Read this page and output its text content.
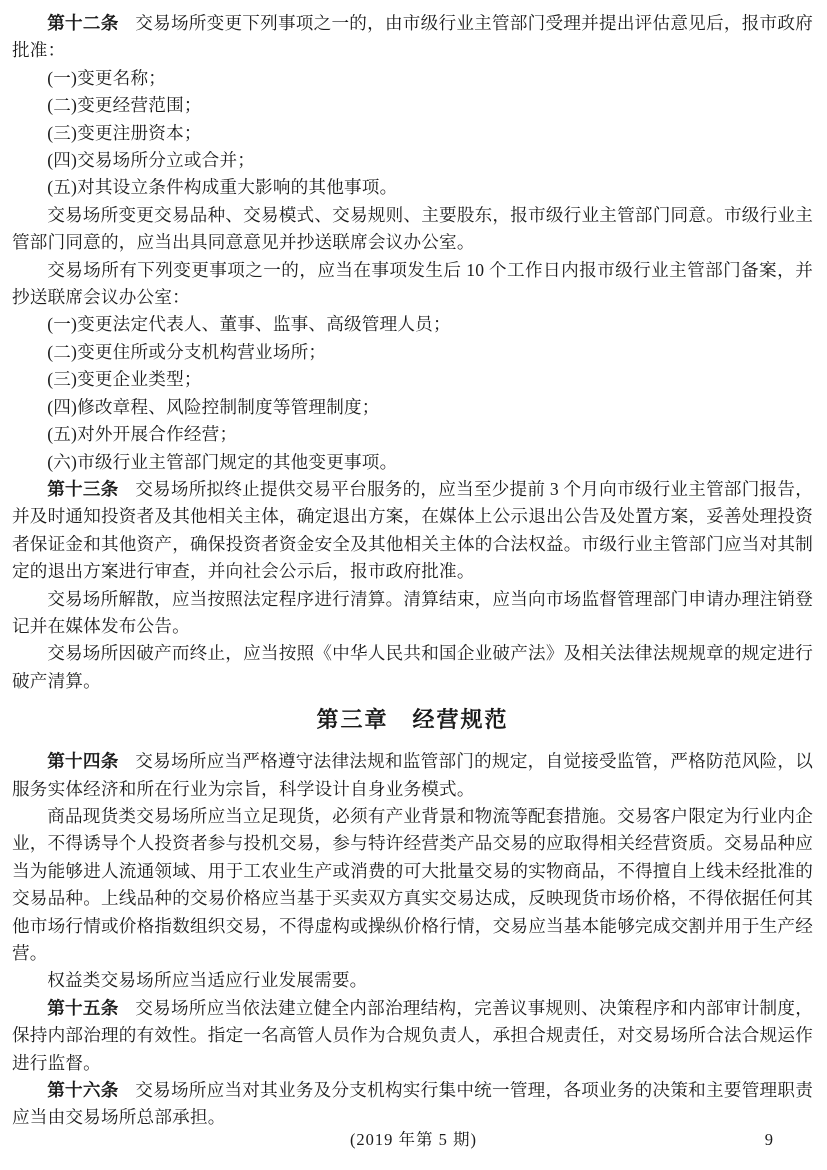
第十二条 交易场所变更下列事项之一的，由市级行业主管部门受理并提出评估意见后，报市政府批准：

(一)变更名称；

(二)变更经营范围；

(三)变更注册资本；

(四)交易场所分立或合并；

(五)对其设立条件构成重大影响的其他事项。

交易场所变更交易品种、交易模式、交易规则、主要股东，报市级行业主管部门同意。市级行业主管部门同意的，应当出具同意意见并抄送联席会议办公室。

交易场所有下列变更事项之一的，应当在事项发生后 10 个工作日内报市级行业主管部门备案，并抄送联席会议办公室：

(一)变更法定代表人、董事、监事、高级管理人员；

(二)变更住所或分支机构营业场所；

(三)变更企业类型；

(四)修改章程、风险控制制度等管理制度；

(五)对外开展合作经营；

(六)市级行业主管部门规定的其他变更事项。

第十三条 交易场所拟终止提供交易平台服务的，应当至少提前 3 个月向市级行业主管部门报告，并及时通知投资者及其他相关主体，确定退出方案，在媒体上公示退出公告及处置方案，妥善处理投资者保证金和其他资产，确保投资者资金安全及其他相关主体的合法权益。市级行业主管部门应当对其制定的退出方案进行审查，并向社会公示后，报市政府批准。

交易场所解散，应当按照法定程序进行清算。清算结束，应当向市场监督管理部门申请办理注销登记并在媒体发布公告。

交易场所因破产而终止，应当按照《中华人民共和国企业破产法》及相关法律法规规章的规定进行破产清算。

第三章　经营规范

第十四条 交易场所应当严格遵守法律法规和监管部门的规定，自觉接受监管，严格防范风险，以服务实体经济和所在行业为宗旨，科学设计自身业务模式。

商品现货类交易场所应当立足现货，必须有产业背景和物流等配套措施。交易客户限定为行业内企业，不得诱导个人投资者参与投机交易，参与特许经营类产品交易的应取得相关经营资质。交易品种应当为能够进人流通领域、用于工农业生产或消费的可大批量交易的实物商品，不得擅自上线未经批准的交易品种。上线品种的交易价格应当基于买卖双方真实交易达成，反映现货市场价格，不得依据任何其他市场行情或价格指数组织交易，不得虚构或操纵价格行情，交易应当基本能够完成交割并用于生产经营。

权益类交易场所应当适应行业发展需要。

第十五条 交易场所应当依法建立健全内部治理结构，完善议事规则、决策程序和内部审计制度，保持内部治理的有效性。指定一名高管人员作为合规负责人，承担合规责任，对交易场所合法合规运作进行监督。

第十六条 交易场所应当对其业务及分支机构实行集中统一管理，各项业务的决策和主要管理职责应当由交易场所总部承担。

(2019 年第 5 期)	9
